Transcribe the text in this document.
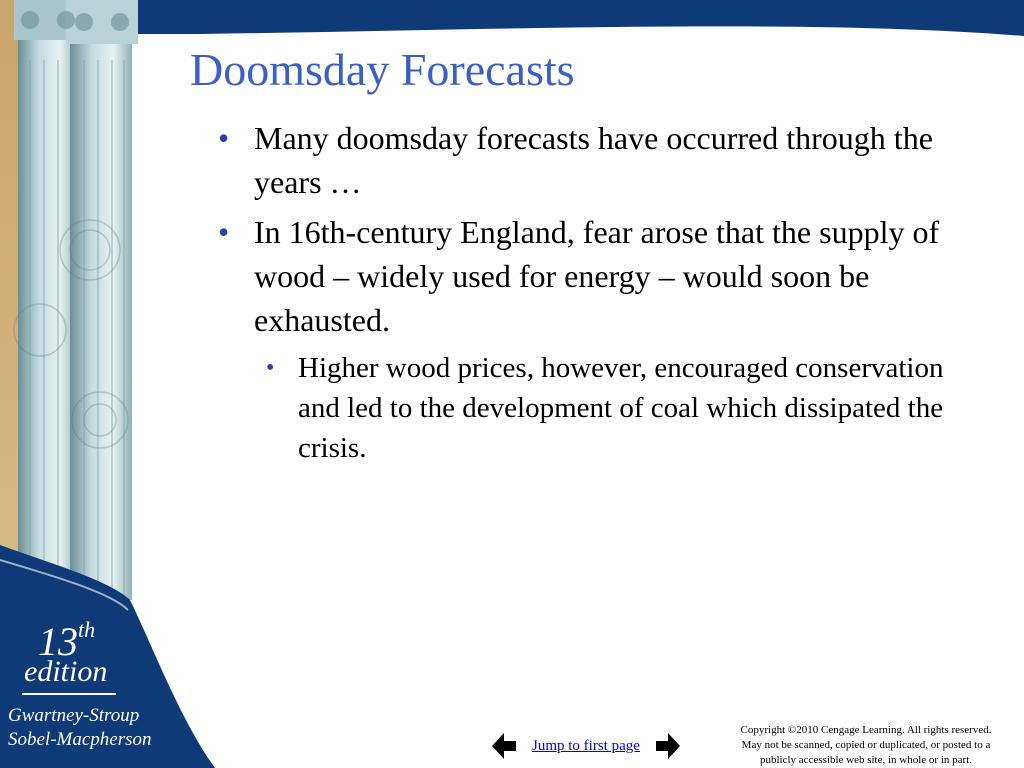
Doomsday Forecasts
• Many doomsday forecasts have occurred through the years …
• In 16th-century England, fear arose that the supply of wood – widely used for energy – would soon be exhausted.
• Higher wood prices, however, encouraged conservation and led to the development of coal which dissipated the crisis.
13th
edition
Gwartney-Stroup
Sobel-Macpherson	Jump to first page
Copyright ©2010 Cengage Learning. All rights reserved.
May not be scanned, copied or duplicated, or posted to a
publicly accessible web site, in whole or in part.
